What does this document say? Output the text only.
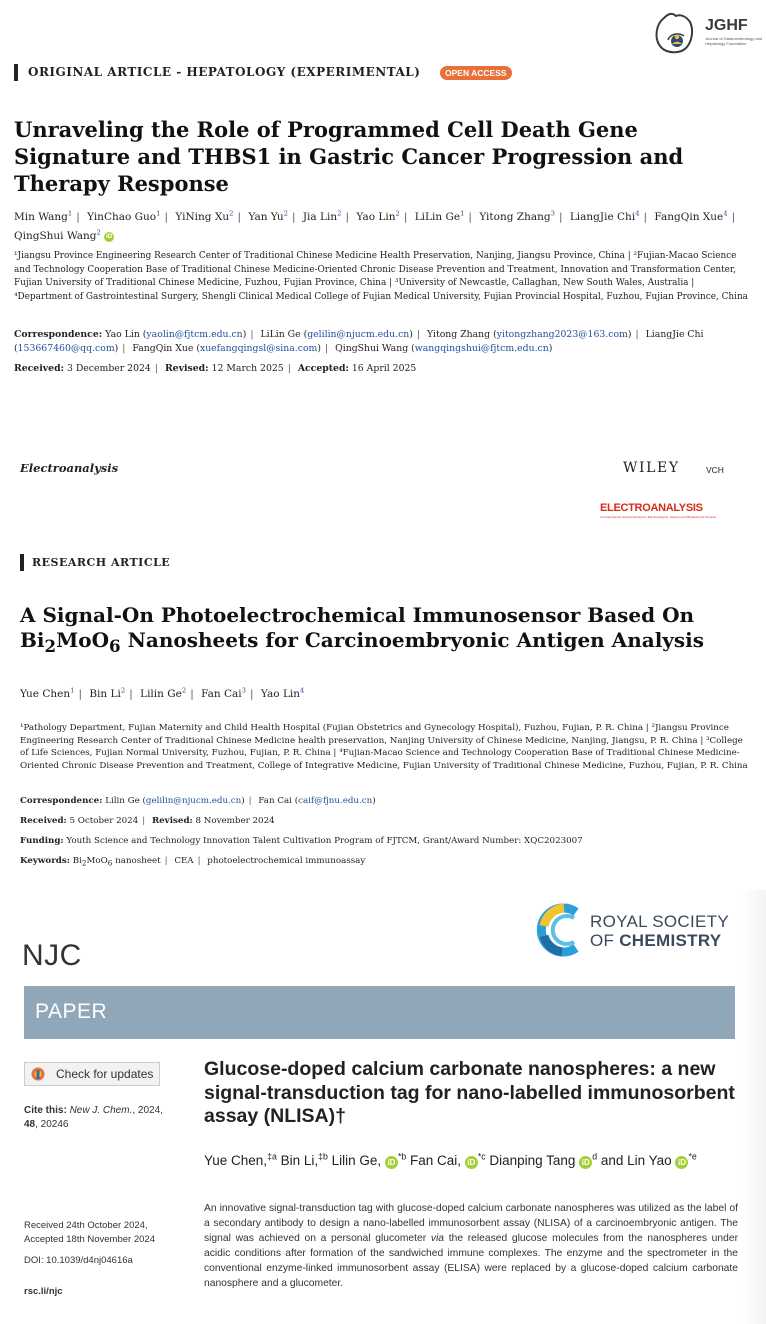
JGHF
Journal of Gastroenterology and Hepatology Foundation
ORIGINAL ARTICLE - HEPATOLOGY (EXPERIMENTAL)	OPEN ACCESS
Unraveling the Role of Programmed Cell Death Gene Signature and THBS1 in Gastric Cancer Progression and Therapy Response
Min Wang$^1$ | YinChao Guo$^1$ | YiNing Xu$^2$ | Yan Yu$^2$ | Jia Lin$^2$ | Yao Lin$^2$ | LiLin Ge$^1$ | Yitong Zhang$^3$ | LiangJie Chi$^4$ | FangQin Xue$^4$ | QingShui Wang$^2$ iD
¹Jiangsu Province Engineering Research Center of Traditional Chinese Medicine Health Preservation, Nanjing, Jiangsu Province, China | ²Fujian-Macao Science and Technology Cooperation Base of Traditional Chinese Medicine-Oriented Chronic Disease Prevention and Treatment, Innovation and Transformation Center, Fujian University of Traditional Chinese Medicine, Fuzhou, Fujian Province, China | ³University of Newcastle, Callaghan, New South Wales, Australia | ⁴Department of Gastrointestinal Surgery, Shengli Clinical Medical College of Fujian Medical University, Fujian Provincial Hospital, Fuzhou, Fujian Province, China
Correspondence: Yao Lin (yaolin@fjtcm.edu.cn) | LiLin Ge (gelilin@njucm.edu.cn) | Yitong Zhang (yitongzhang2023@163.com) | LiangJie Chi (153667460@qq.com) | FangQin Xue (xuefangqingsl@sina.com) | QingShui Wang (wangqingshui@fjtcm.edu.cn)
Received: 3 December 2024 | Revised: 12 March 2025 | Accepted: 16 April 2025
Electroanalysis	WILEY	VCH
ELECTROANALYSIS
An International Journal Devoted to Electroanalysis, Sensors and Bioelectronic Devices
RESEARCH ARTICLE
A Signal-On Photoelectrochemical Immunosensor Based On $Bi_2MoO_6$ Nanosheets for Carcinoembryonic Antigen Analysis
Yue Chen$^1$ | Bin Li$^2$ | Lilin Ge$^2$ | Fan Cai$^3$ | Yao Lin$^4$
¹Pathology Department, Fujian Maternity and Child Health Hospital (Fujian Obstetrics and Gynecology Hospital), Fuzhou, Fujian, P. R. China | ²Jiangsu Province Engineering Research Center of Traditional Chinese Medicine health preservation, Nanjing University of Chinese Medicine, Nanjing, Jiangsu, P. R. China | ³College of Life Sciences, Fujian Normal University, Fuzhou, Fujian, P. R. China | ⁴Fujian-Macao Science and Technology Cooperation Base of Traditional Chinese Medicine-Oriented Chronic Disease Prevention and Treatment, College of Integrative Medicine, Fujian University of Traditional Chinese Medicine, Fuzhou, Fujian, P. R. China
Correspondence: Lilin Ge (gelilin@njucm.edu.cn) | Fan Cai (caif@fjnu.edu.cn)
Received: 5 October 2024 | Revised: 8 November 2024
Funding: Youth Science and Technology Innovation Talent Cultivation Program of FJTCM, Grant/Award Number: XQC2023007
Keywords: $Bi_2MoO_6$ nanosheet | CEA | photoelectrochemical immunoassay
ROYAL SOCIETY
OF CHEMISTRY
NJC
PAPER
Check for updates
Cite this: New J. Chem., 2024,
48, 20246
Glucose-doped calcium carbonate nanospheres: a new signal-transduction tag for nano-labelled immunosorbent assay (NLISA)†
Yue Chen,$^{\ddagger a}$ Bin Li,$^{\ddagger b}$ Lilin Ge, $iD^{*b}$ Fan Cai, $iD^{*c}$ Dianping Tang $iD^d$ and Lin Yao $iD^{*e}$
Received 24th October 2024,
Accepted 18th November 2024
DOI: 10.1039/d4nj04616a
rsc.li/njc
An innovative signal-transduction tag with glucose-doped calcium carbonate nanospheres was utilized as the label of a secondary antibody to design a nano-labelled immunosorbent assay (NLISA) of a carcinoembryonic antigen. The signal was achieved on a personal glucometer via the released glucose molecules from the nanospheres under acidic conditions after formation of the sandwiched immune complexes. The enzyme and the spectrometer in the conventional enzyme-linked immunosorbent assay (ELISA) were replaced by a glucose-doped calcium carbonate nanosphere and a glucometer.
